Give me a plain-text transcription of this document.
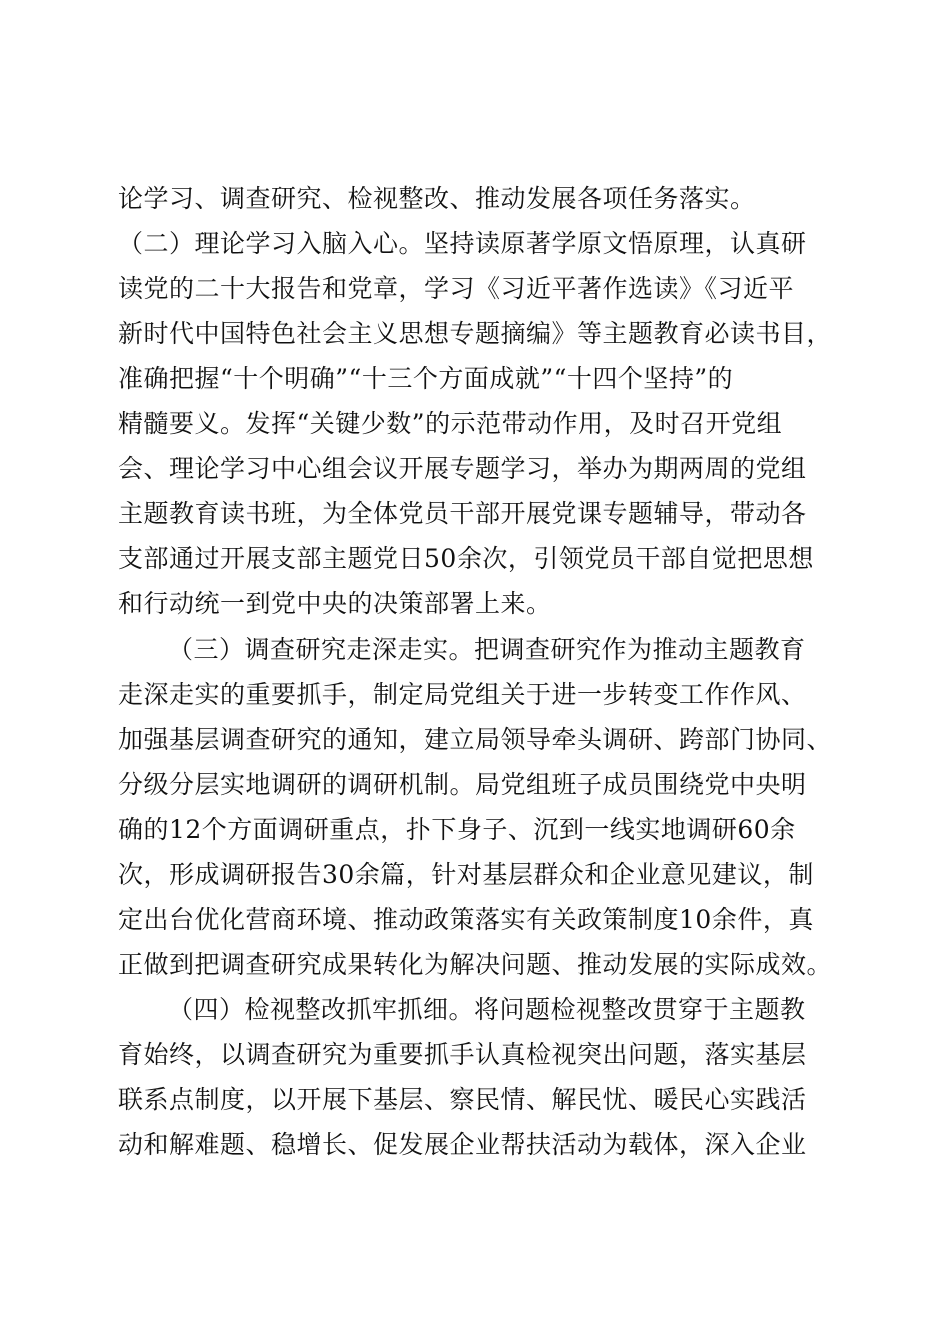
论学习、调查研究、检视整改、推动发展各项任务落实。
（二）理论学习入脑入心。坚持读原著学原文悟原理，认真研
读党的二十大报告和党章，学习《习近平著作选读》《习近平
新时代中国特色社会主义思想专题摘编》等主题教育必读书目，
准确把握“十个明确”“十三个方面成就”“十四个坚持”的
精髓要义。发挥“关键少数”的示范带动作用，及时召开党组
会、理论学习中心组会议开展专题学习，举办为期两周的党组
主题教育读书班，为全体党员干部开展党课专题辅导，带动各
支部通过开展支部主题党日50余次，引领党员干部自觉把思想
和行动统一到党中央的决策部署上来。
（三）调查研究走深走实。把调查研究作为推动主题教育
走深走实的重要抓手，制定局党组关于进一步转变工作作风、
加强基层调查研究的通知，建立局领导牵头调研、跨部门协同、
分级分层实地调研的调研机制。局党组班子成员围绕党中央明
确的12个方面调研重点，扑下身子、沉到一线实地调研60余
次，形成调研报告30余篇，针对基层群众和企业意见建议，制
定出台优化营商环境、推动政策落实有关政策制度10余件，真
正做到把调查研究成果转化为解决问题、推动发展的实际成效。
（四）检视整改抓牢抓细。将问题检视整改贯穿于主题教
育始终，以调查研究为重要抓手认真检视突出问题，落实基层
联系点制度，以开展下基层、察民情、解民忧、暖民心实践活
动和解难题、稳增长、促发展企业帮扶活动为载体，深入企业
